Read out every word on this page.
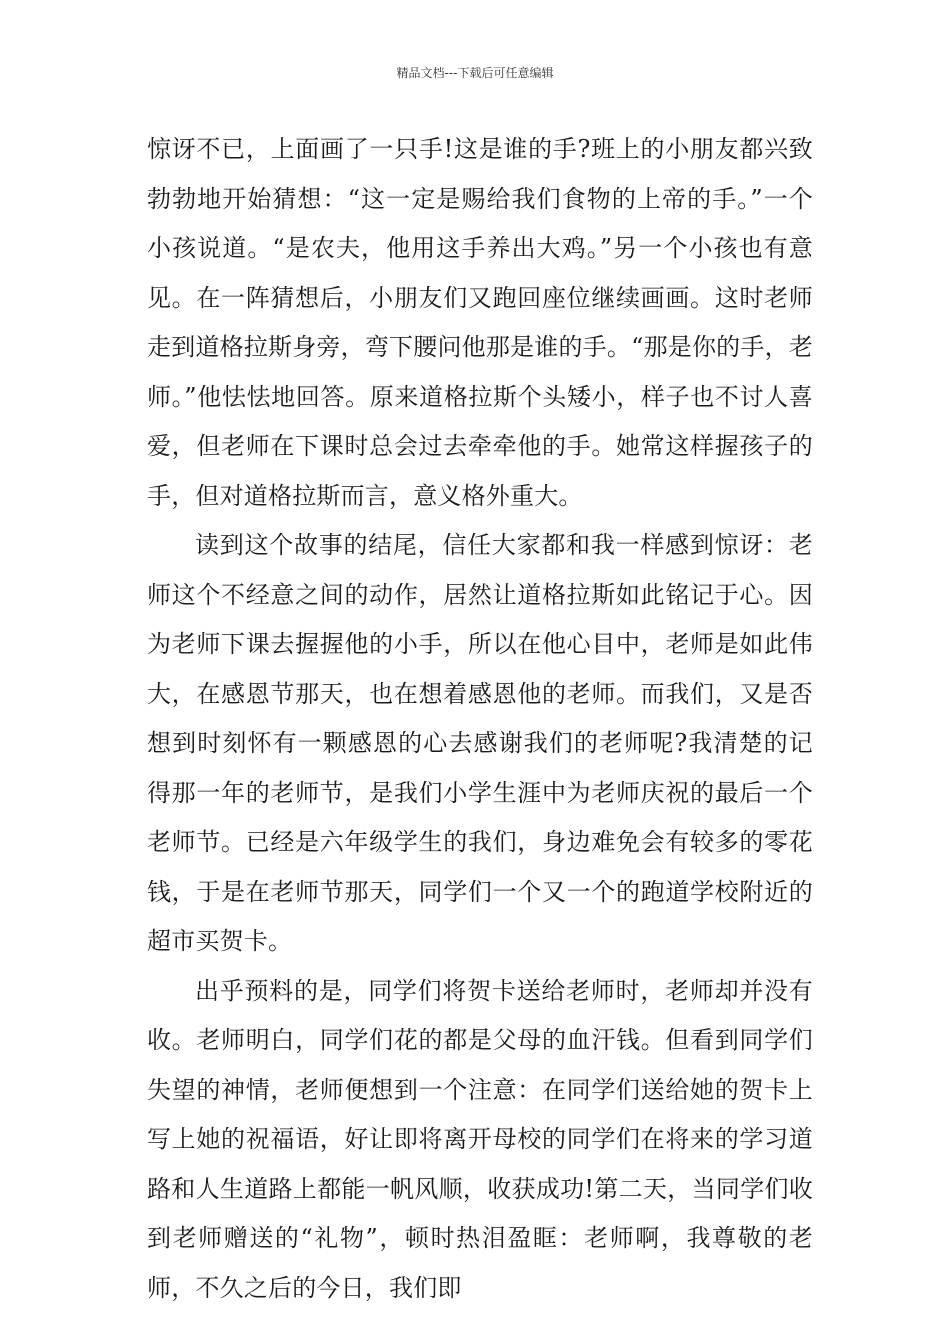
精品文档---下载后可任意编辑

惊讶不已，上面画了一只手!这是谁的手?班上的小朋友都兴致勃勃地开始猜想：“这一定是赐给我们食物的上帝的手。”一个小孩说道。“是农夫，他用这手养出大鸡。”另一个小孩也有意见。在一阵猜想后，小朋友们又跑回座位继续画画。这时老师走到道格拉斯身旁，弯下腰问他那是谁的手。“那是你的手，老师。”他怯怯地回答。原来道格拉斯个头矮小，样子也不讨人喜爱，但老师在下课时总会过去牵牵他的手。她常这样握孩子的手，但对道格拉斯而言，意义格外重大。

读到这个故事的结尾，信任大家都和我一样感到惊讶：老师这个不经意之间的动作，居然让道格拉斯如此铭记于心。因为老师下课去握握他的小手，所以在他心目中，老师是如此伟大，在感恩节那天，也在想着感恩他的老师。而我们，又是否想到时刻怀有一颗感恩的心去感谢我们的老师呢?我清楚的记得那一年的老师节，是我们小学生涯中为老师庆祝的最后一个老师节。已经是六年级学生的我们，身边难免会有较多的零花钱，于是在老师节那天，同学们一个又一个的跑道学校附近的超市买贺卡。

出乎预料的是，同学们将贺卡送给老师时，老师却并没有收。老师明白，同学们花的都是父母的血汗钱。但看到同学们失望的神情，老师便想到一个注意：在同学们送给她的贺卡上写上她的祝福语，好让即将离开母校的同学们在将来的学习道路和人生道路上都能一帆风顺，收获成功!第二天，当同学们收到老师赠送的“礼物”，顿时热泪盈眶：老师啊，我尊敬的老师，不久之后的今日，我们即
